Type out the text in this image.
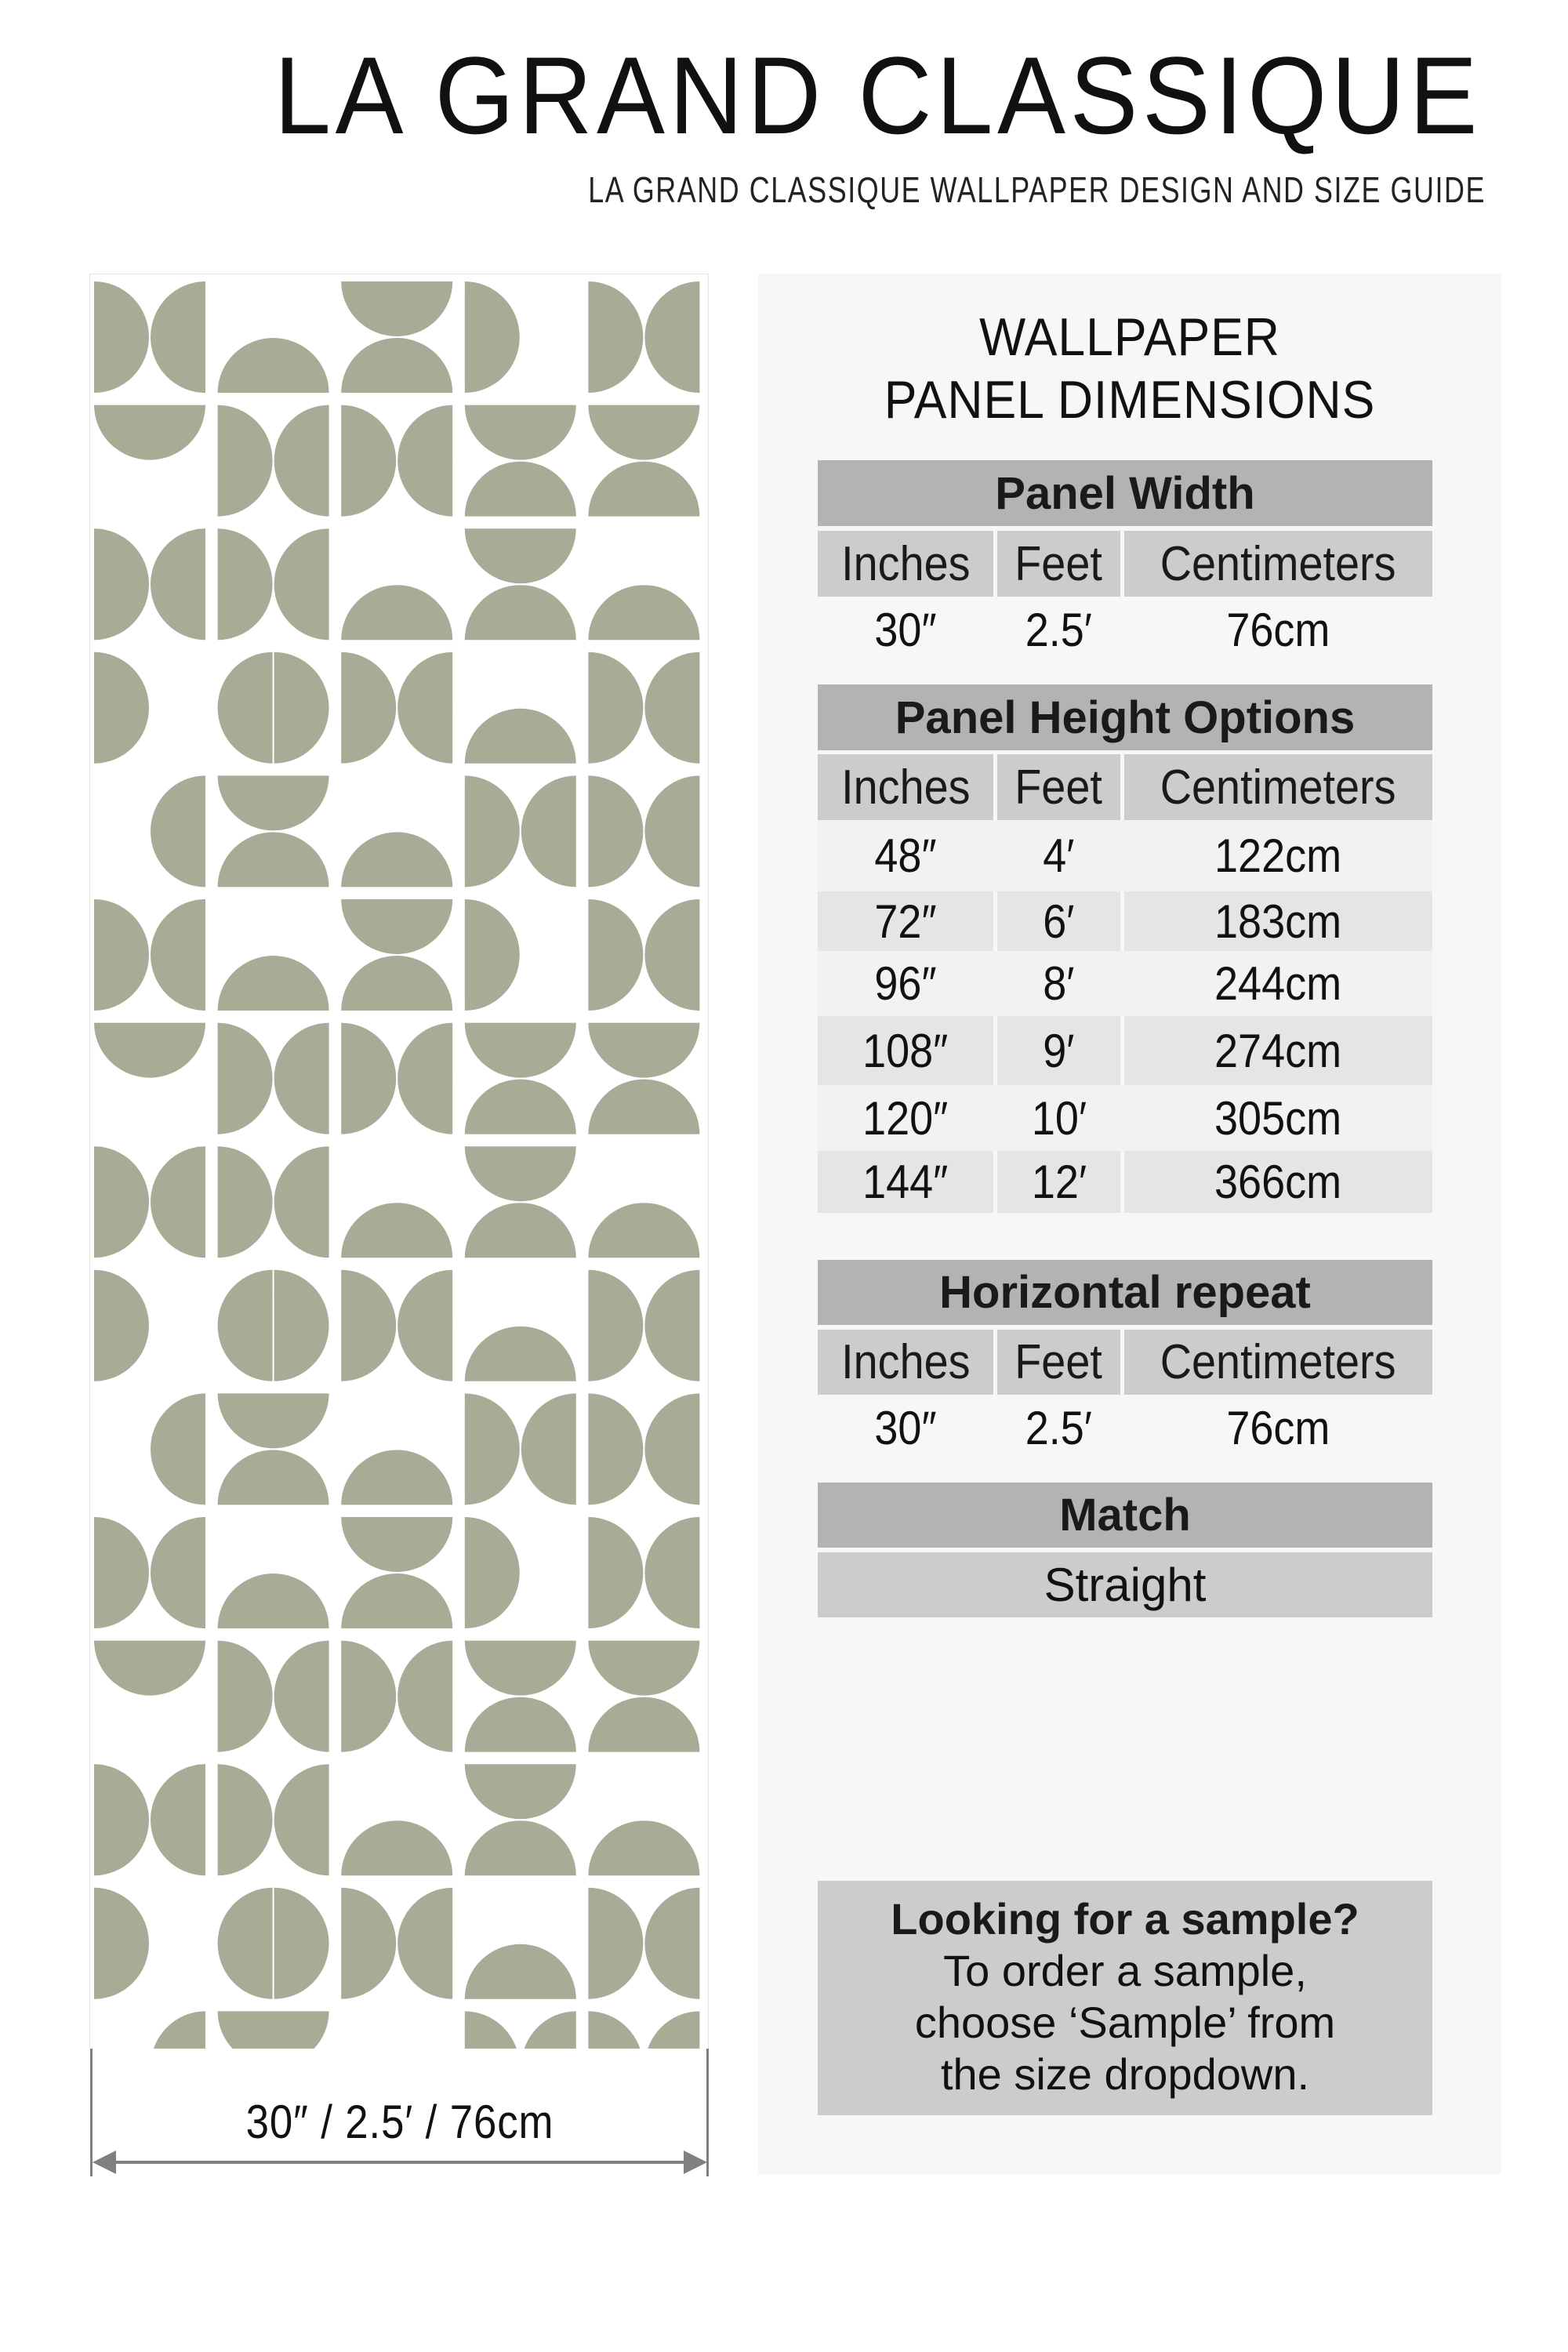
LA GRAND CLASSIQUE
LA GRAND CLASSIQUE WALLPAPER DESIGN AND SIZE GUIDE
30″ / 2.5′ / 76cm
WALLPAPER
PANEL DIMENSIONS
Panel Width
Inches Feet Centimeters
30″ 2.5′	76cm
Panel Height Options
Inches Feet Centimeters
48″ 4′	122cm
72″ 6′	183cm
96″ 8′	244cm
108″ 9′	274cm
120″ 10′	305cm
144″ 12′	366cm
Horizontal repeat
Inches Feet Centimeters
30″ 2.5′	76cm
Match
Straight
Looking for a sample?
To order a sample,
choose ‘Sample’ from
the size dropdown.
